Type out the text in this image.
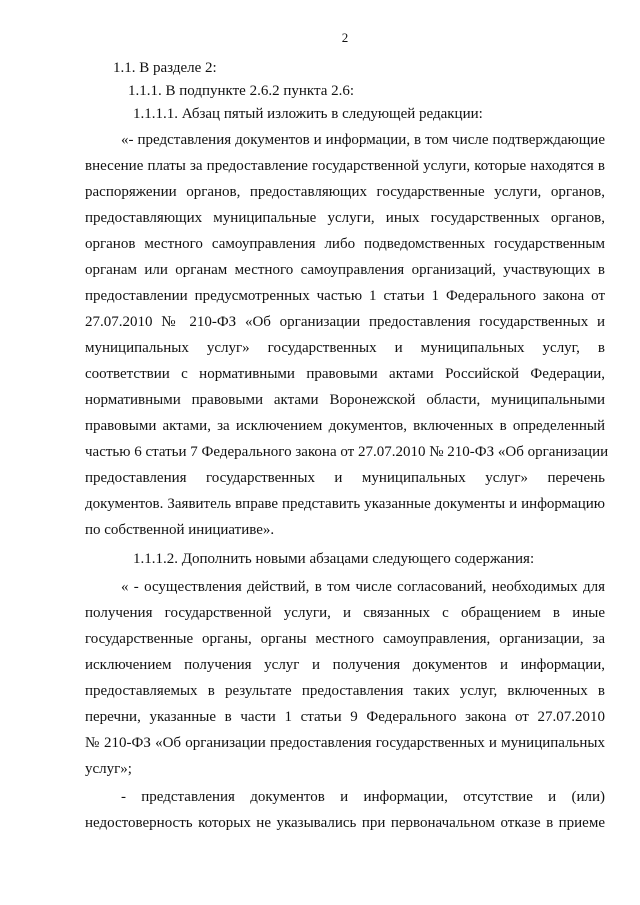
2
1.1. В разделе 2:
1.1.1. В подпункте 2.6.2 пункта 2.6:
1.1.1.1. Абзац пятый изложить в следующей редакции:
«- представления документов и информации, в том числе подтверждающие
внесение платы за предоставление государственной услуги, которые находятся в
распоряжении органов, предоставляющих государственные услуги, органов,
предоставляющих муниципальные услуги, иных государственных органов,
органов местного самоуправления либо подведомственных государственным
органам или органам местного самоуправления организаций, участвующих в
предоставлении предусмотренных частью 1 статьи 1 Федерального закона от
27.07.2010 № 210-ФЗ «Об организации предоставления государственных и
муниципальных услуг» государственных и муниципальных услуг, в
соответствии с нормативными правовыми актами Российской Федерации,
нормативными правовыми актами Воронежской области, муниципальными
правовыми актами, за исключением документов, включенных в определенный
частью 6 статьи 7 Федерального закона от 27.07.2010 № 210-ФЗ «Об организации
предоставления государственных и муниципальных услуг» перечень
документов. Заявитель вправе представить указанные документы и информацию
по собственной инициативе».
1.1.1.2. Дополнить новыми абзацами следующего содержания:
« - осуществления действий, в том числе согласований, необходимых для
получения государственной услуги, и связанных с обращением в иные
государственные органы, органы местного самоуправления, организации, за
исключением получения услуг и получения документов и информации,
предоставляемых в результате предоставления таких услуг, включенных в
перечни, указанные в части 1 статьи 9 Федерального закона от 27.07.2010
№ 210-ФЗ «Об организации предоставления государственных и муниципальных
услуг»;
- представления документов и информации, отсутствие и (или)
недостоверность которых не указывались при первоначальном отказе в приеме
